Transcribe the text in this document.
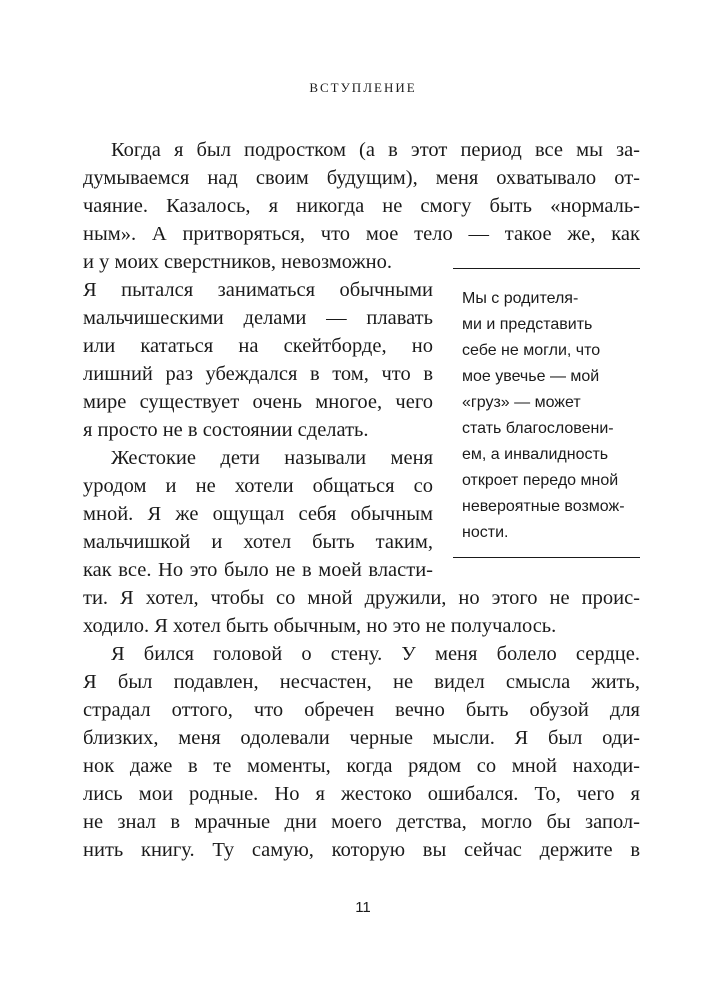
ВСТУПЛЕНИЕ
Когда я был подростком (а в этот период все мы за-
думываемся над своим будущим), меня охватывало от-
чаяние. Казалось, я никогда не смогу быть «нормаль-
ным». А притворяться, что мое тело — такое же, как
и у моих сверстников, невозможно.
Я пытался заниматься обычными
мальчишескими делами — плавать
или кататься на скейтборде, но
лишний раз убеждался в том, что в
мире существует очень многое, чего
я просто не в состоянии сделать.
Жестокие дети называли меня
уродом и не хотели общаться со
мной. Я же ощущал себя обычным
мальчишкой и хотел быть таким,
как все. Но это было не в моей власти-
ти. Я хотел, чтобы со мной дружили, но этого не проис-
ходило. Я хотел быть обычным, но это не получалось.
Я бился головой о стену. У меня болело сердце.
Я был подавлен, несчастен, не видел смысла жить,
страдал оттого, что обречен вечно быть обузой для
близких, меня одолевали черные мысли. Я был оди-
нок даже в те моменты, когда рядом со мной находи-
лись мои родные. Но я жестоко ошибался. То, чего я
не знал в мрачные дни моего детства, могло бы запол-
нить книгу. Ту самую, которую вы сейчас держите в
Мы с родителя-
ми и представить
себе не могли, что
мое увечье — мой
«груз» — может
стать благословени-
ем, а инвалидность
откроет передо мной
невероятные возмож-
ности.
11
